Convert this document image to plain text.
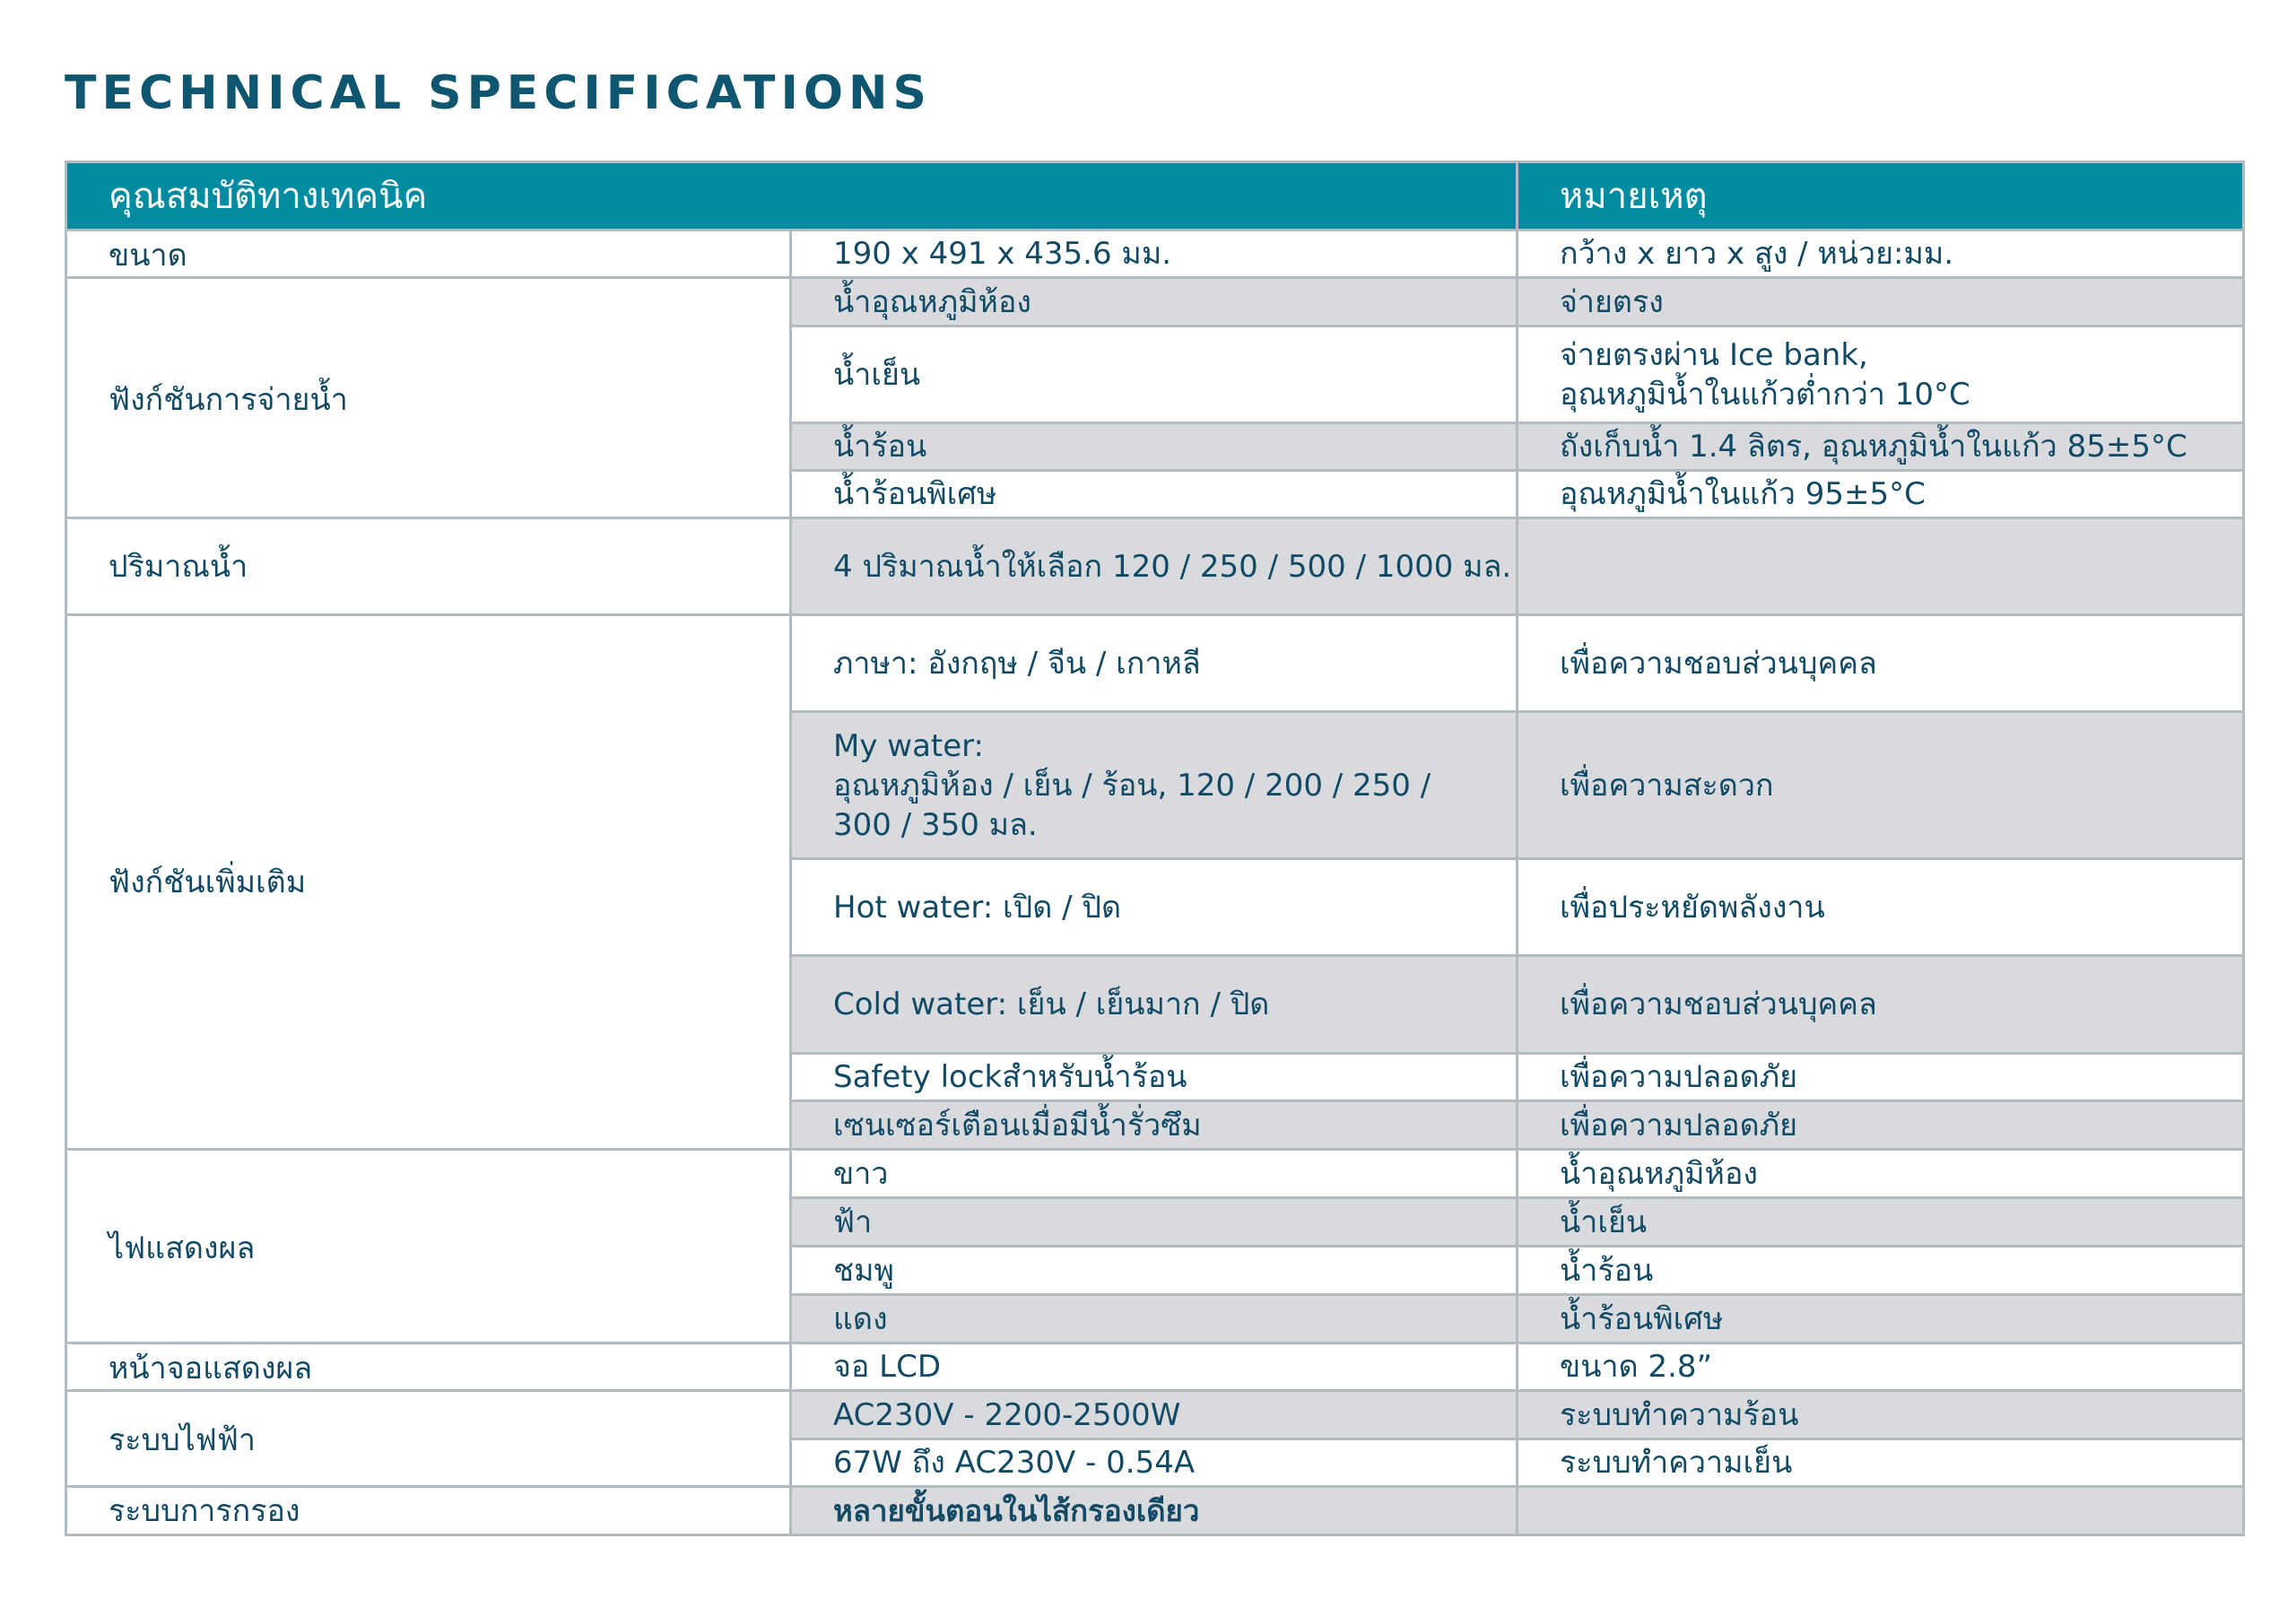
TECHNICAL SPECIFICATIONS
คุณสมบัติทางเทคนิค		หมายเหตุ
ขนาด	190 x 491 x 435.6 มม.	กว้าง x ยาว x สูง / หน่วย:มม.
ฟังก์ชันการจ่ายน้ำ	น้ำอุณหภูมิห้อง	จ่ายตรง
	น้ำเย็น	จ่ายตรงผ่าน Ice bank,
อุณหภูมิน้ำในแก้วต่ำกว่า 10°C

	น้ำร้อน	ถังเก็บน้ำ 1.4 ลิตร, อุณหภูมิน้ำในแก้ว 85±5°C
	น้ำร้อนพิเศษ	อุณหภูมิน้ำในแก้ว 95±5°C
ปริมาณน้ำ	4 ปริมาณน้ำให้เลือก 120 / 250 / 500 / 1000 มล.	
ฟังก์ชันเพิ่มเติม	ภาษา: อังกฤษ / จีน / เกาหลี	เพื่อความชอบส่วนบุคคล

	My water:
อุณหภูมิห้อง / เย็น / ร้อน, 120 / 200 / 250 /
300 / 350 มล.	เพื่อความสะดวก
	Hot water: เปิด / ปิด	เพื่อประหยัดพลังงาน
	Cold water: เย็น / เย็นมาก / ปิด	เพื่อความชอบส่วนบุคคล
	Safety lockสำหรับน้ำร้อน	เพื่อความปลอดภัย
	เซนเซอร์เตือนเมื่อมีน้ำรั่วซึม	เพื่อความปลอดภัย
ไฟแสดงผล	ขาว	น้ำอุณหภูมิห้อง
	ฟ้า	น้ำเย็น
	ชมพู	น้ำร้อน
	แดง	น้ำร้อนพิเศษ
หน้าจอแสดงผล	จอ LCD	ขนาด 2.8”
ระบบไฟฟ้า	AC230V - 2200-2500W	ระบบทำความร้อน
	67W ถึง AC230V - 0.54A	ระบบทำความเย็น
ระบบการกรอง	หลายขั้นตอนในไส้กรองเดียว	
